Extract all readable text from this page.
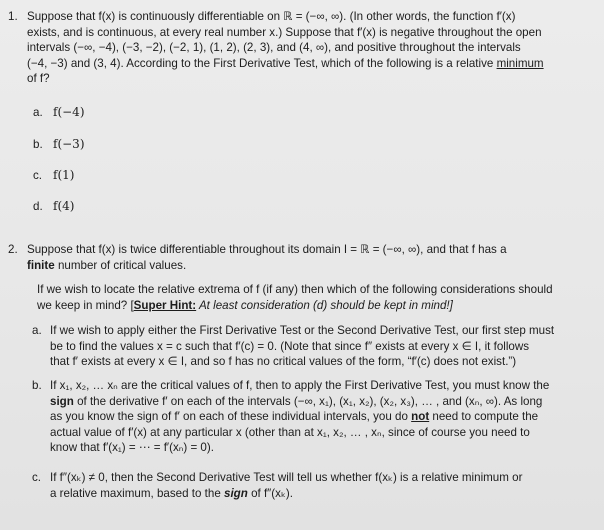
1. Suppose that f(x) is continuously differentiable on ℝ = (−∞, ∞). (In other words, the function f′(x)
exists, and is continuous, at every real number x.) Suppose that f′(x) is negative throughout the open
intervals (−∞, −4), (−3, −2), (−2, 1), (1, 2), (2, 3), and (4, ∞), and positive throughout the intervals
(−4, −3) and (3, 4). According to the First Derivative Test, which of the following is a relative minimum
of f?
a. f(−4)
b. f(−3)
c. f(1)
d. f(4)
2. Suppose that f(x) is twice differentiable throughout its domain I = ℝ = (−∞, ∞), and that f has a
finite number of critical values.
If we wish to locate the relative extrema of f (if any) then which of the following considerations should
we keep in mind? [Super Hint: At least consideration (d) should be kept in mind!]
a. If we wish to apply either the First Derivative Test or the Second Derivative Test, our first step must
be to find the values x = c such that f′(c) = 0. (Note that since f″ exists at every x ∈ I, it follows
that f′ exists at every x ∈ I, and so f has no critical values of the form, “f′(c) does not exist.”)
b. If x₁, x₂, … xₙ are the critical values of f, then to apply the First Derivative Test, you must know the
sign of the derivative f′ on each of the intervals (−∞, x₁), (x₁, x₂), (x₂, x₃), … , and (xₙ, ∞). As long
as you know the sign of f′ on each of these individual intervals, you do not need to compute the
actual value of f′(x) at any particular x (other than at x₁, x₂, … , xₙ, since of course you need to
know that f′(x₁) = ⋯ = f′(xₙ) = 0).
c. If f″(xₖ) ≠ 0, then the Second Derivative Test will tell us whether f(xₖ) is a relative minimum or
a relative maximum, based to the sign of f″(xₖ).
